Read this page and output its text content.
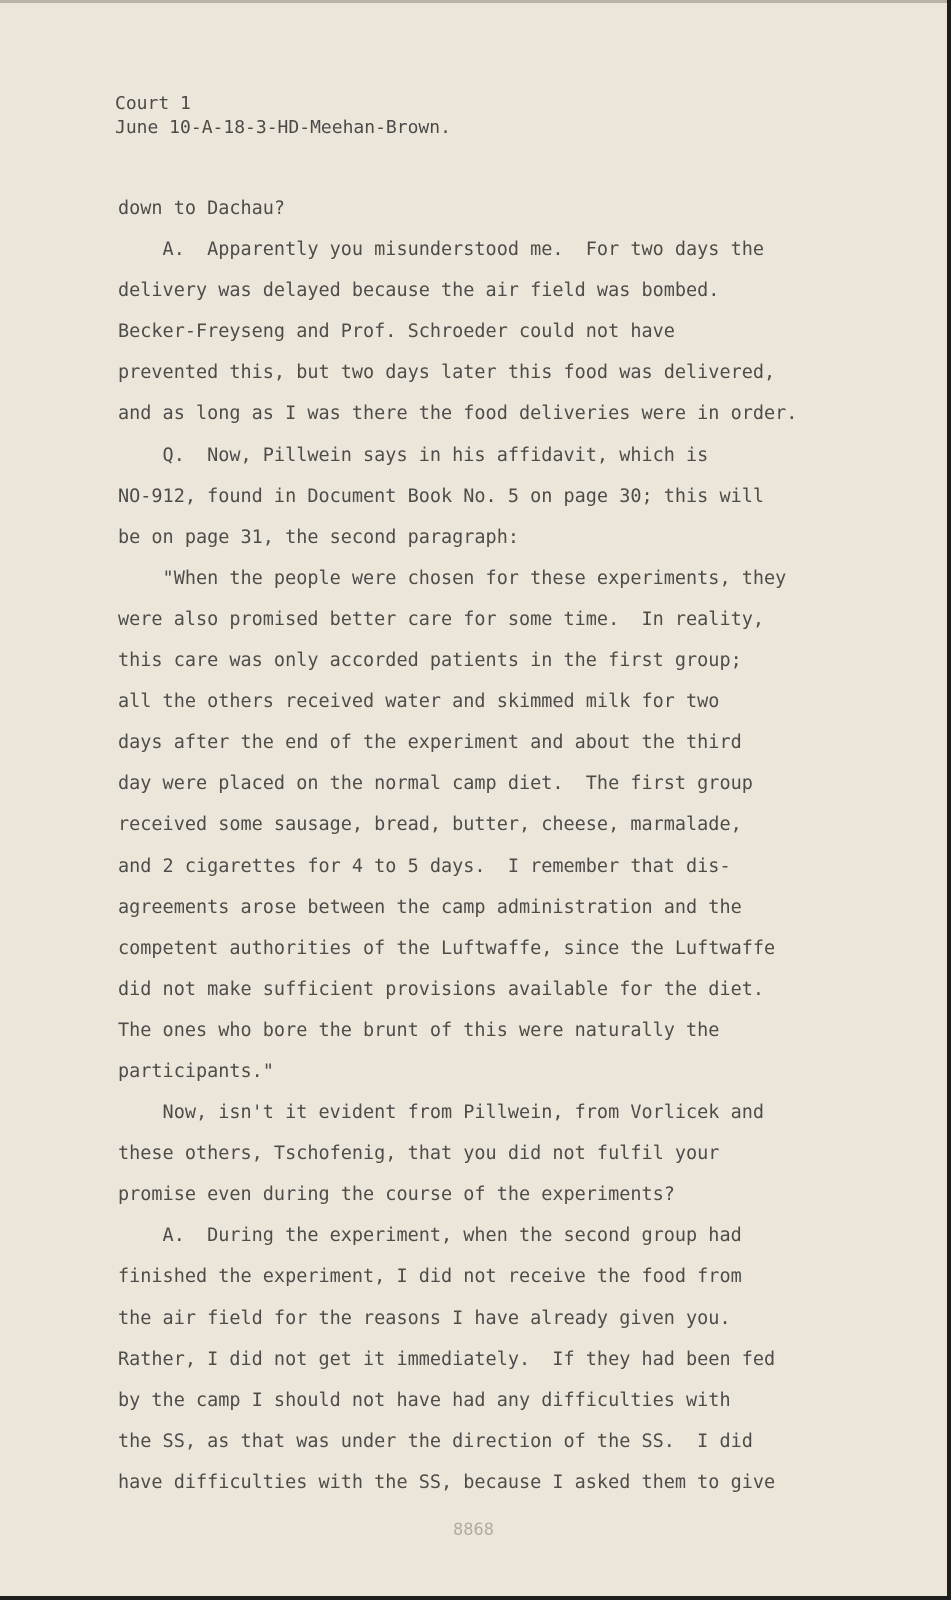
Court 1
June 10-A-18-3-HD-Meehan-Brown.
down to Dachau?
A.  Apparently you misunderstood me.  For two days the
delivery was delayed because the air field was bombed.
Becker-Freyseng and Prof. Schroeder could not have
prevented this, but two days later this food was delivered,
and as long as I was there the food deliveries were in order.
Q.  Now, Pillwein says in his affidavit, which is
NO-912, found in Document Book No. 5 on page 30; this will
be on page 31, the second paragraph:
"When the people were chosen for these experiments, they
were also promised better care for some time.  In reality,
this care was only accorded patients in the first group;
all the others received water and skimmed milk for two
days after the end of the experiment and about the third
day were placed on the normal camp diet.  The first group
received some sausage, bread, butter, cheese, marmalade,
and 2 cigarettes for 4 to 5 days.  I remember that dis-
agreements arose between the camp administration and the
competent authorities of the Luftwaffe, since the Luftwaffe
did not make sufficient provisions available for the diet.
The ones who bore the brunt of this were naturally the
participants."
Now, isn't it evident from Pillwein, from Vorlicek and
these others, Tschofenig, that you did not fulfil your
promise even during the course of the experiments?
A.  During the experiment, when the second group had
finished the experiment, I did not receive the food from
the air field for the reasons I have already given you.
Rather, I did not get it immediately.  If they had been fed
by the camp I should not have had any difficulties with
the SS, as that was under the direction of the SS.  I did
have difficulties with the SS, because I asked them to give
8868
